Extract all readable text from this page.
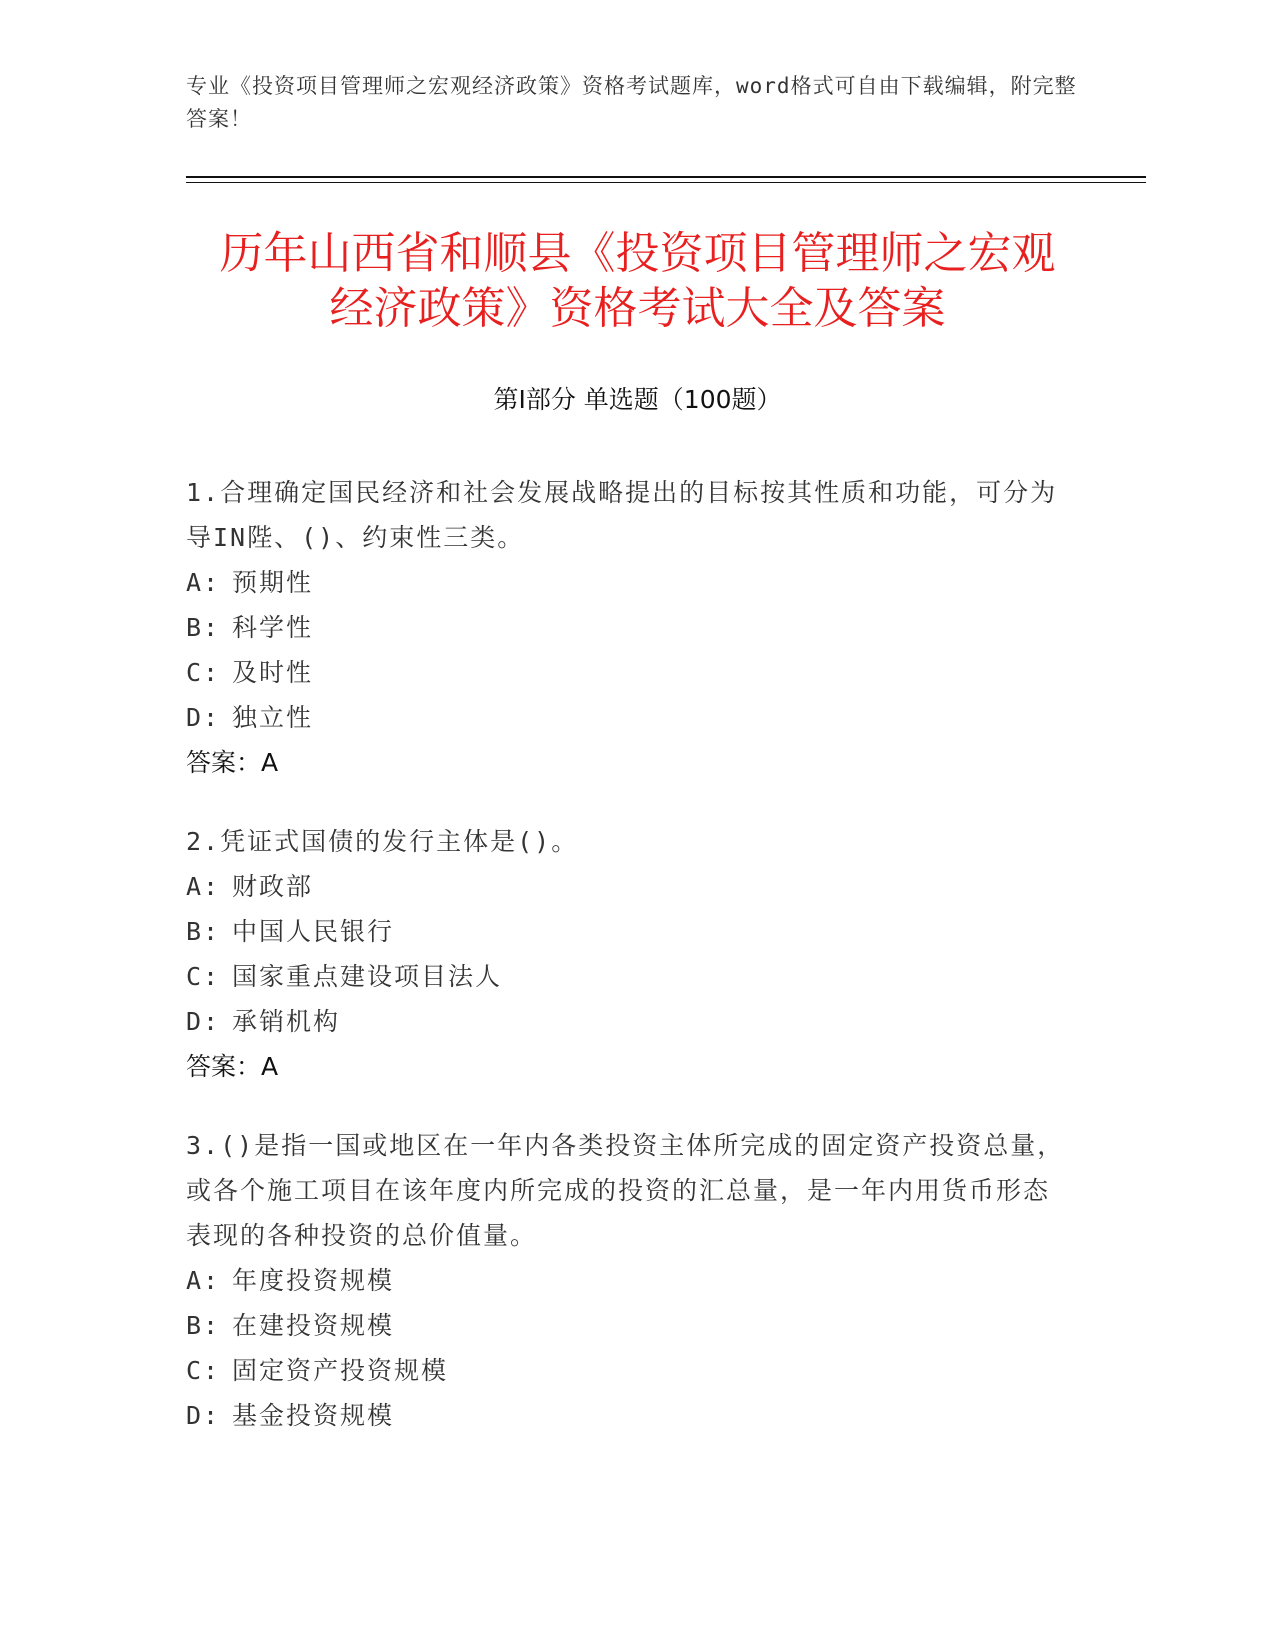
专业《投资项目管理师之宏观经济政策》资格考试题库，word格式可自由下载编辑，附完整答案！
历年山西省和顺县《投资项目管理师之宏观
经济政策》资格考试大全及答案
第I部分 单选题（100题）
1.合理确定国民经济和社会发展战略提出的目标按其性质和功能，可分为导IN陛、()、约束性三类。
A: 预期性
B: 科学性
C: 及时性
D: 独立性
答案：A
2.凭证式国债的发行主体是()。
A: 财政部
B: 中国人民银行
C: 国家重点建设项目法人
D: 承销机构
答案：A
3.()是指一国或地区在一年内各类投资主体所完成的固定资产投资总量，或各个施工项目在该年度内所完成的投资的汇总量，是一年内用货币形态表现的各种投资的总价值量。
A: 年度投资规模
B: 在建投资规模
C: 固定资产投资规模
D: 基金投资规模
